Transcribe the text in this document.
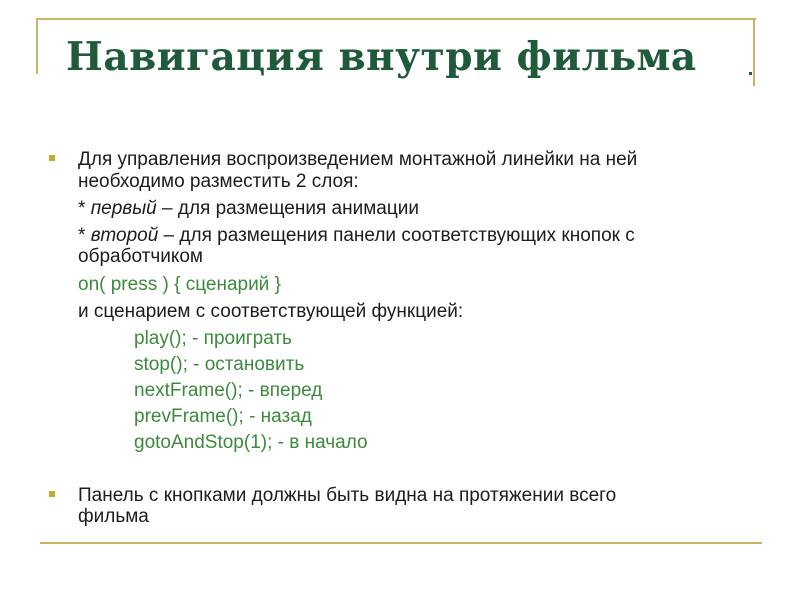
Навигация внутри фильма

Для управления воспроизведением монтажной линейки на ней

необходимо разместить 2 слоя:

* первый – для размещения анимации

* второй – для размещения панели соответствующих кнопок с

обработчиком

on( press ) { сценарий }

и сценарием с соответствующей функцией:

play(); - проиграть

stop(); - остановить

nextFrame(); - вперед

prevFrame(); - назад

gotoAndStop(1); - в начало

Панель с кнопками должны быть видна на протяжении всего

фильма
